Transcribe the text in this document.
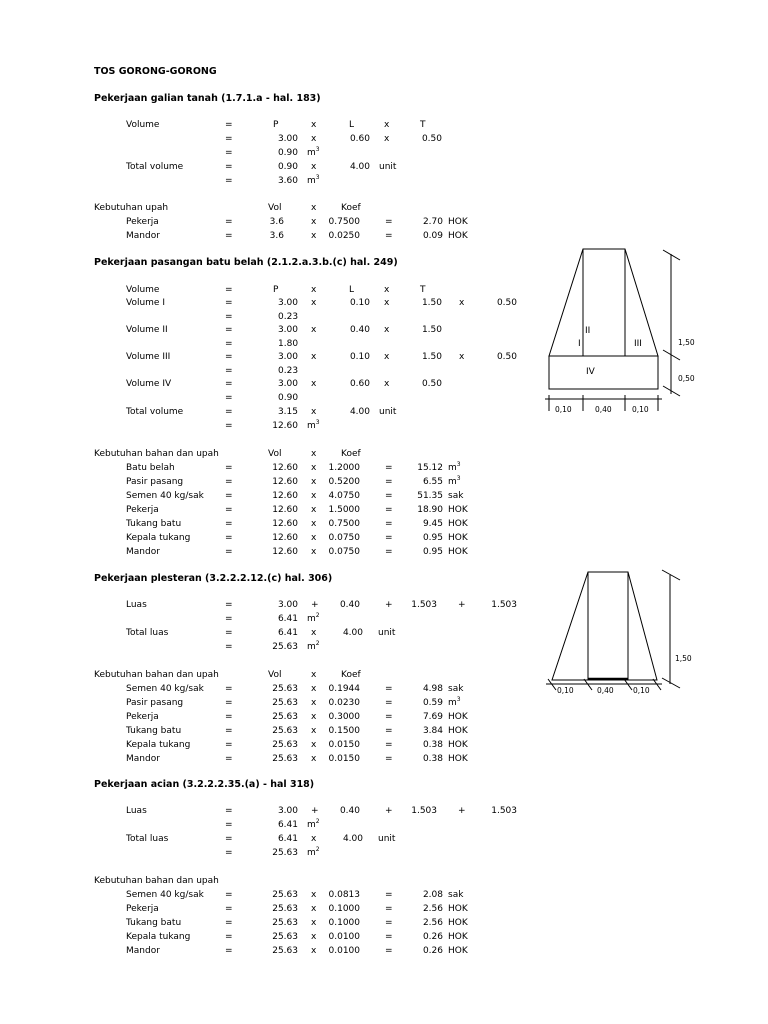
TOS GORONG-GORONG
Pekerjaan galian tanah (1.7.1.a - hal. 183)
Volume	=	P	x	L	x	T
=	3.00 x	0.60 x	0.50
=	0.90 $m^3$
Total volume	=	0.90 x	4.00 unit
=	3.60 $m^3$
Kebutuhan upah	Vol	x	Koef
Pekerja	=	3.6	x	0.7500	=	2.70 HOK
Mandor	=	3.6	x	0.0250	=	0.09 HOK
Pekerjaan pasangan batu belah (2.1.2.a.3.b.(c) hal. 249)
Volume	=	P	x	L	x	T
Volume I	=	3.00 x	0.10 x	1.50 x	0.50
=	0.23
Volume II	=	3.00 x	0.40 x	1.50
=	1.80
Volume III	=	3.00 x	0.10 x	1.50 x	0.50
=	0.23
Volume IV	=	3.00 x	0.60 x	0.50
=	0.90
Total volume	=	3.15 x	4.00 unit
=	12.60 $m^3$
Kebutuhan bahan dan upah	Vol	x	Koef
Batu belah	=	12.60 x	1.2000	=	15.12 $m^3$
Pasir pasang	=	12.60 x	0.5200	=	6.55 $m^3$
Semen 40 kg/sak =	12.60 x	4.0750	=	51.35 sak
Pekerja	=	12.60 x	1.5000	=	18.90 HOK
Tukang batu	=	12.60 x	0.7500	=	9.45 HOK
Kepala tukang	=	12.60 x	0.0750	=	0.95 HOK
Mandor	=	12.60 x	0.0750	=	0.95 HOK
Pekerjaan plesteran (3.2.2.2.12.(c) hal. 306)
Luas	=	3.00 +	0.40	+	1.503 +	1.503
=	6.41 $m^2$
Total luas	=	6.41 x	4.00 unit
=	25.63 $m^2$
Kebutuhan bahan dan upah	Vol	x	Koef
Semen 40 kg/sak =	25.63 x	0.1944	=	4.98 sak
Pasir pasang	=	25.63 x	0.0230	=	0.59 $m^3$
Pekerja	=	25.63 x	0.3000	=	7.69 HOK
Tukang batu	=	25.63 x	0.1500	=	3.84 HOK
Kepala tukang	=	25.63 x	0.0150	=	0.38 HOK
Mandor	=	25.63 x	0.0150	=	0.38 HOK
Pekerjaan acian (3.2.2.2.35.(a) - hal 318)
Luas	=	3.00 +	0.40	+	1.503 +	1.503
=	6.41 $m^2$
Total luas	=	6.41 x	4.00 unit
=	25.63 $m^2$
Kebutuhan bahan dan upah
Semen 40 kg/sak =	25.63 x	0.0813	=	2.08 sak
Pekerja	=	25.63 x	0.1000	=	2.56 HOK
Tukang batu	=	25.63 x	0.1000	=	2.56 HOK
Kepala tukang	=	25.63 x	0.0100	=	0.26 HOK
Mandor	=	25.63 x	0.0100	=	0.26 HOK
I
II
III
IV
1,50
0,50
0,10	0,40	0,10
1,50
0,10	0,40	0,10
